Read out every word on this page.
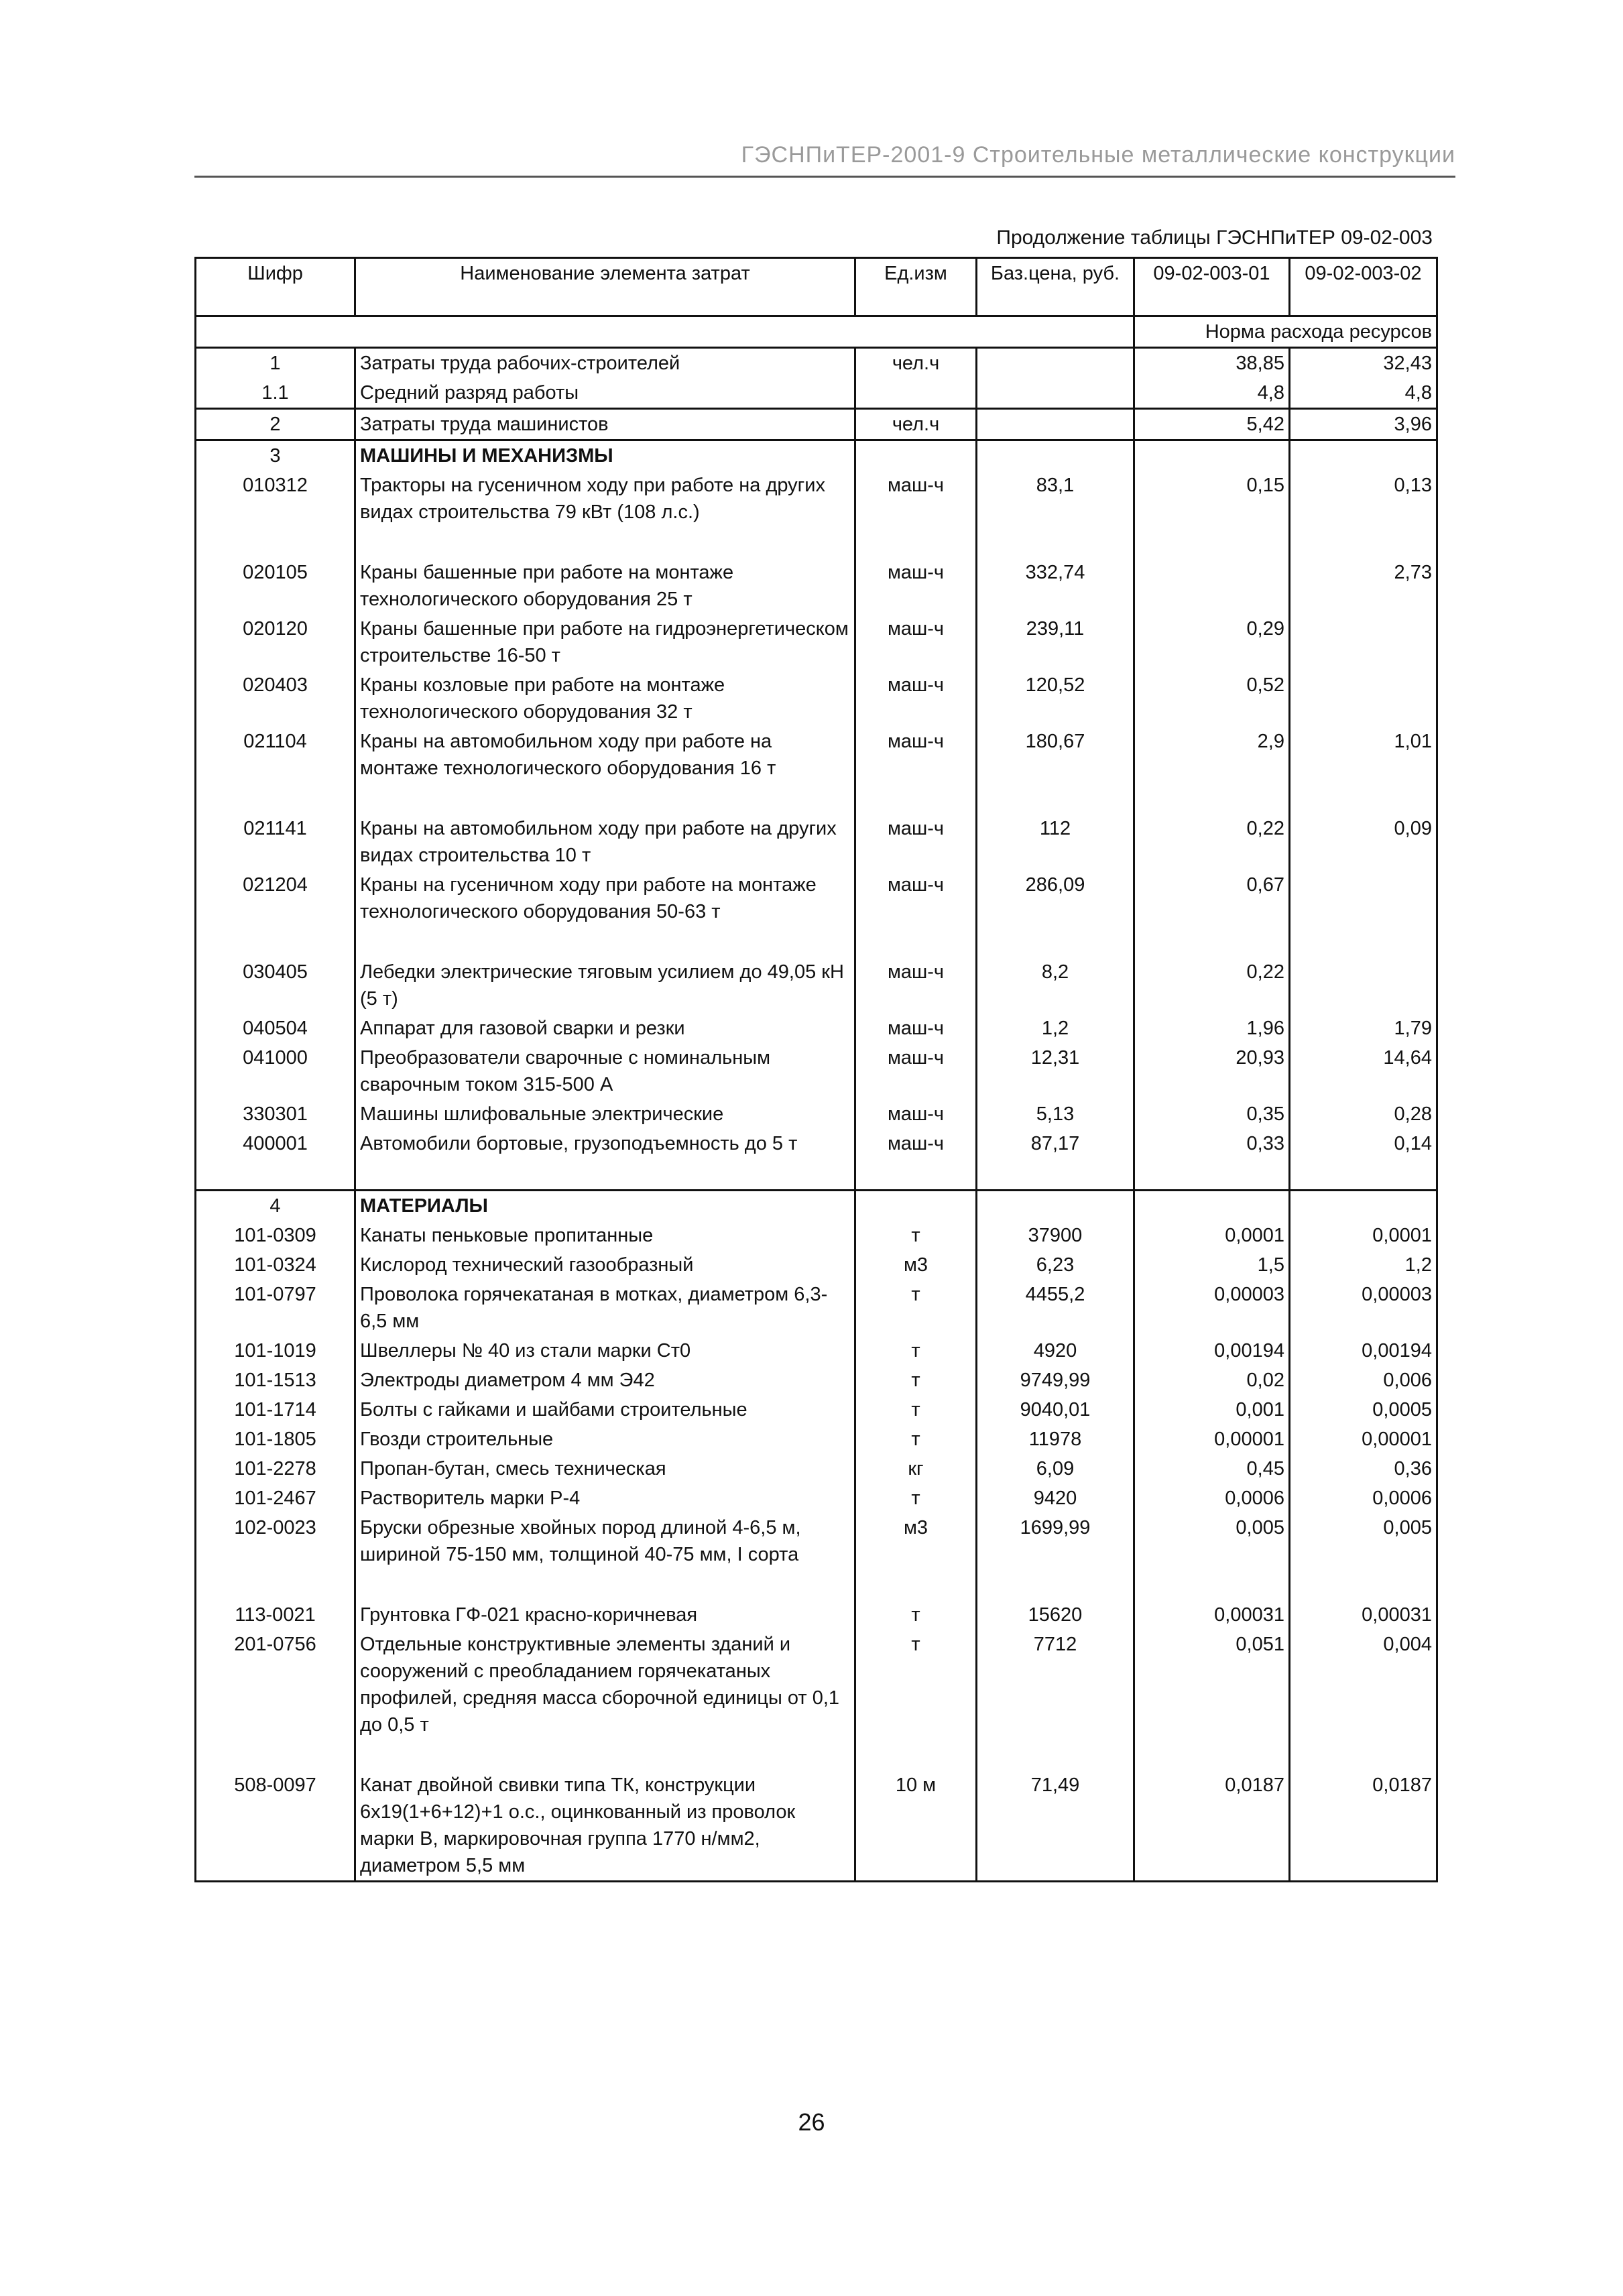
ГЭСНПиТЕР-2001-9 Строительные металлические конструкции
Продолжение таблицы ГЭСНПиТЕР 09-02-003
Шифр	Наименование элемента затрат	Ед.изм	Баз.цена, руб.	09-02-003-01	09-02-003-02
				Норма расхода ресурсов	
1	Затраты труда рабочих-строителей	чел.ч		38,85	32,43
1.1	Средний разряд работы			4,8	4,8
2	Затраты труда машинистов	чел.ч		5,42	3,96
3	МАШИНЫ И МЕХАНИЗМЫ				
010312	Тракторы на гусеничном ходу при работе на других видах строительства 79 кВт (108 л.с.)	маш-ч	83,1	0,15	0,13

020105	Краны башенные при работе на монтаже технологического оборудования 25 т	маш-ч	332,74		2,73
020120	Краны башенные при работе на гидроэнергетическом строительстве 16-50 т	маш-ч	239,11	0,29	
020403	Краны козловые при работе на монтаже технологического оборудования 32 т	маш-ч	120,52	0,52	
021104	Краны на автомобильном ходу при работе на монтаже технологического оборудования 16 т	маш-ч	180,67	2,9	1,01

021141	Краны на автомобильном ходу при работе на других видах строительства 10 т	маш-ч	112	0,22	0,09
021204	Краны на гусеничном ходу при работе на монтаже технологического оборудования 50-63 т	маш-ч	286,09	0,67	

030405	Лебедки электрические тяговым усилием до 49,05 кН (5 т)	маш-ч	8,2	0,22	
040504	Аппарат для газовой сварки и резки	маш-ч	1,2	1,96	1,79
041000	Преобразователи сварочные с номинальным сварочным током 315-500 А	маш-ч	12,31	20,93	14,64
330301	Машины шлифовальные электрические	маш-ч	5,13	0,35	0,28
400001	Автомобили бортовые, грузоподъемность до 5 т	маш-ч	87,17	0,33	0,14

4	МАТЕРИАЛЫ				
101-0309	Канаты пеньковые пропитанные	т	37900	0,0001	0,0001
101-0324	Кислород технический газообразный	м3	6,23	1,5	1,2
101-0797	Проволока горячекатаная в мотках, диаметром 6,3-6,5 мм	т	4455,2	0,00003	0,00003
101-1019	Швеллеры № 40 из стали марки Ст0	т	4920	0,00194	0,00194
101-1513	Электроды диаметром 4 мм Э42	т	9749,99	0,02	0,006
101-1714	Болты с гайками и шайбами строительные	т	9040,01	0,001	0,0005
101-1805	Гвозди строительные	т	11978	0,00001	0,00001
101-2278	Пропан-бутан, смесь техническая	кг	6,09	0,45	0,36
101-2467	Растворитель марки Р-4	т	9420	0,0006	0,0006
102-0023	Бруски обрезные хвойных пород длиной 4-6,5 м, шириной 75-150 мм, толщиной 40-75 мм, I сорта	м3	1699,99	0,005	0,005

113-0021	Грунтовка ГФ-021 красно-коричневая	т	15620	0,00031	0,00031
201-0756	Отдельные конструктивные элементы зданий и сооружений с преобладанием горячекатаных профилей, средняя масса сборочной единицы от 0,1 до 0,5 т	т	7712	0,051	0,004

508-0097	Канат двойной свивки типа ТК, конструкции 6х19(1+6+12)+1 о.с., оцинкованный из проволок марки В, маркировочная группа 1770 н/мм2, диаметром 5,5 мм	10 м	71,49	0,0187	0,0187
26
